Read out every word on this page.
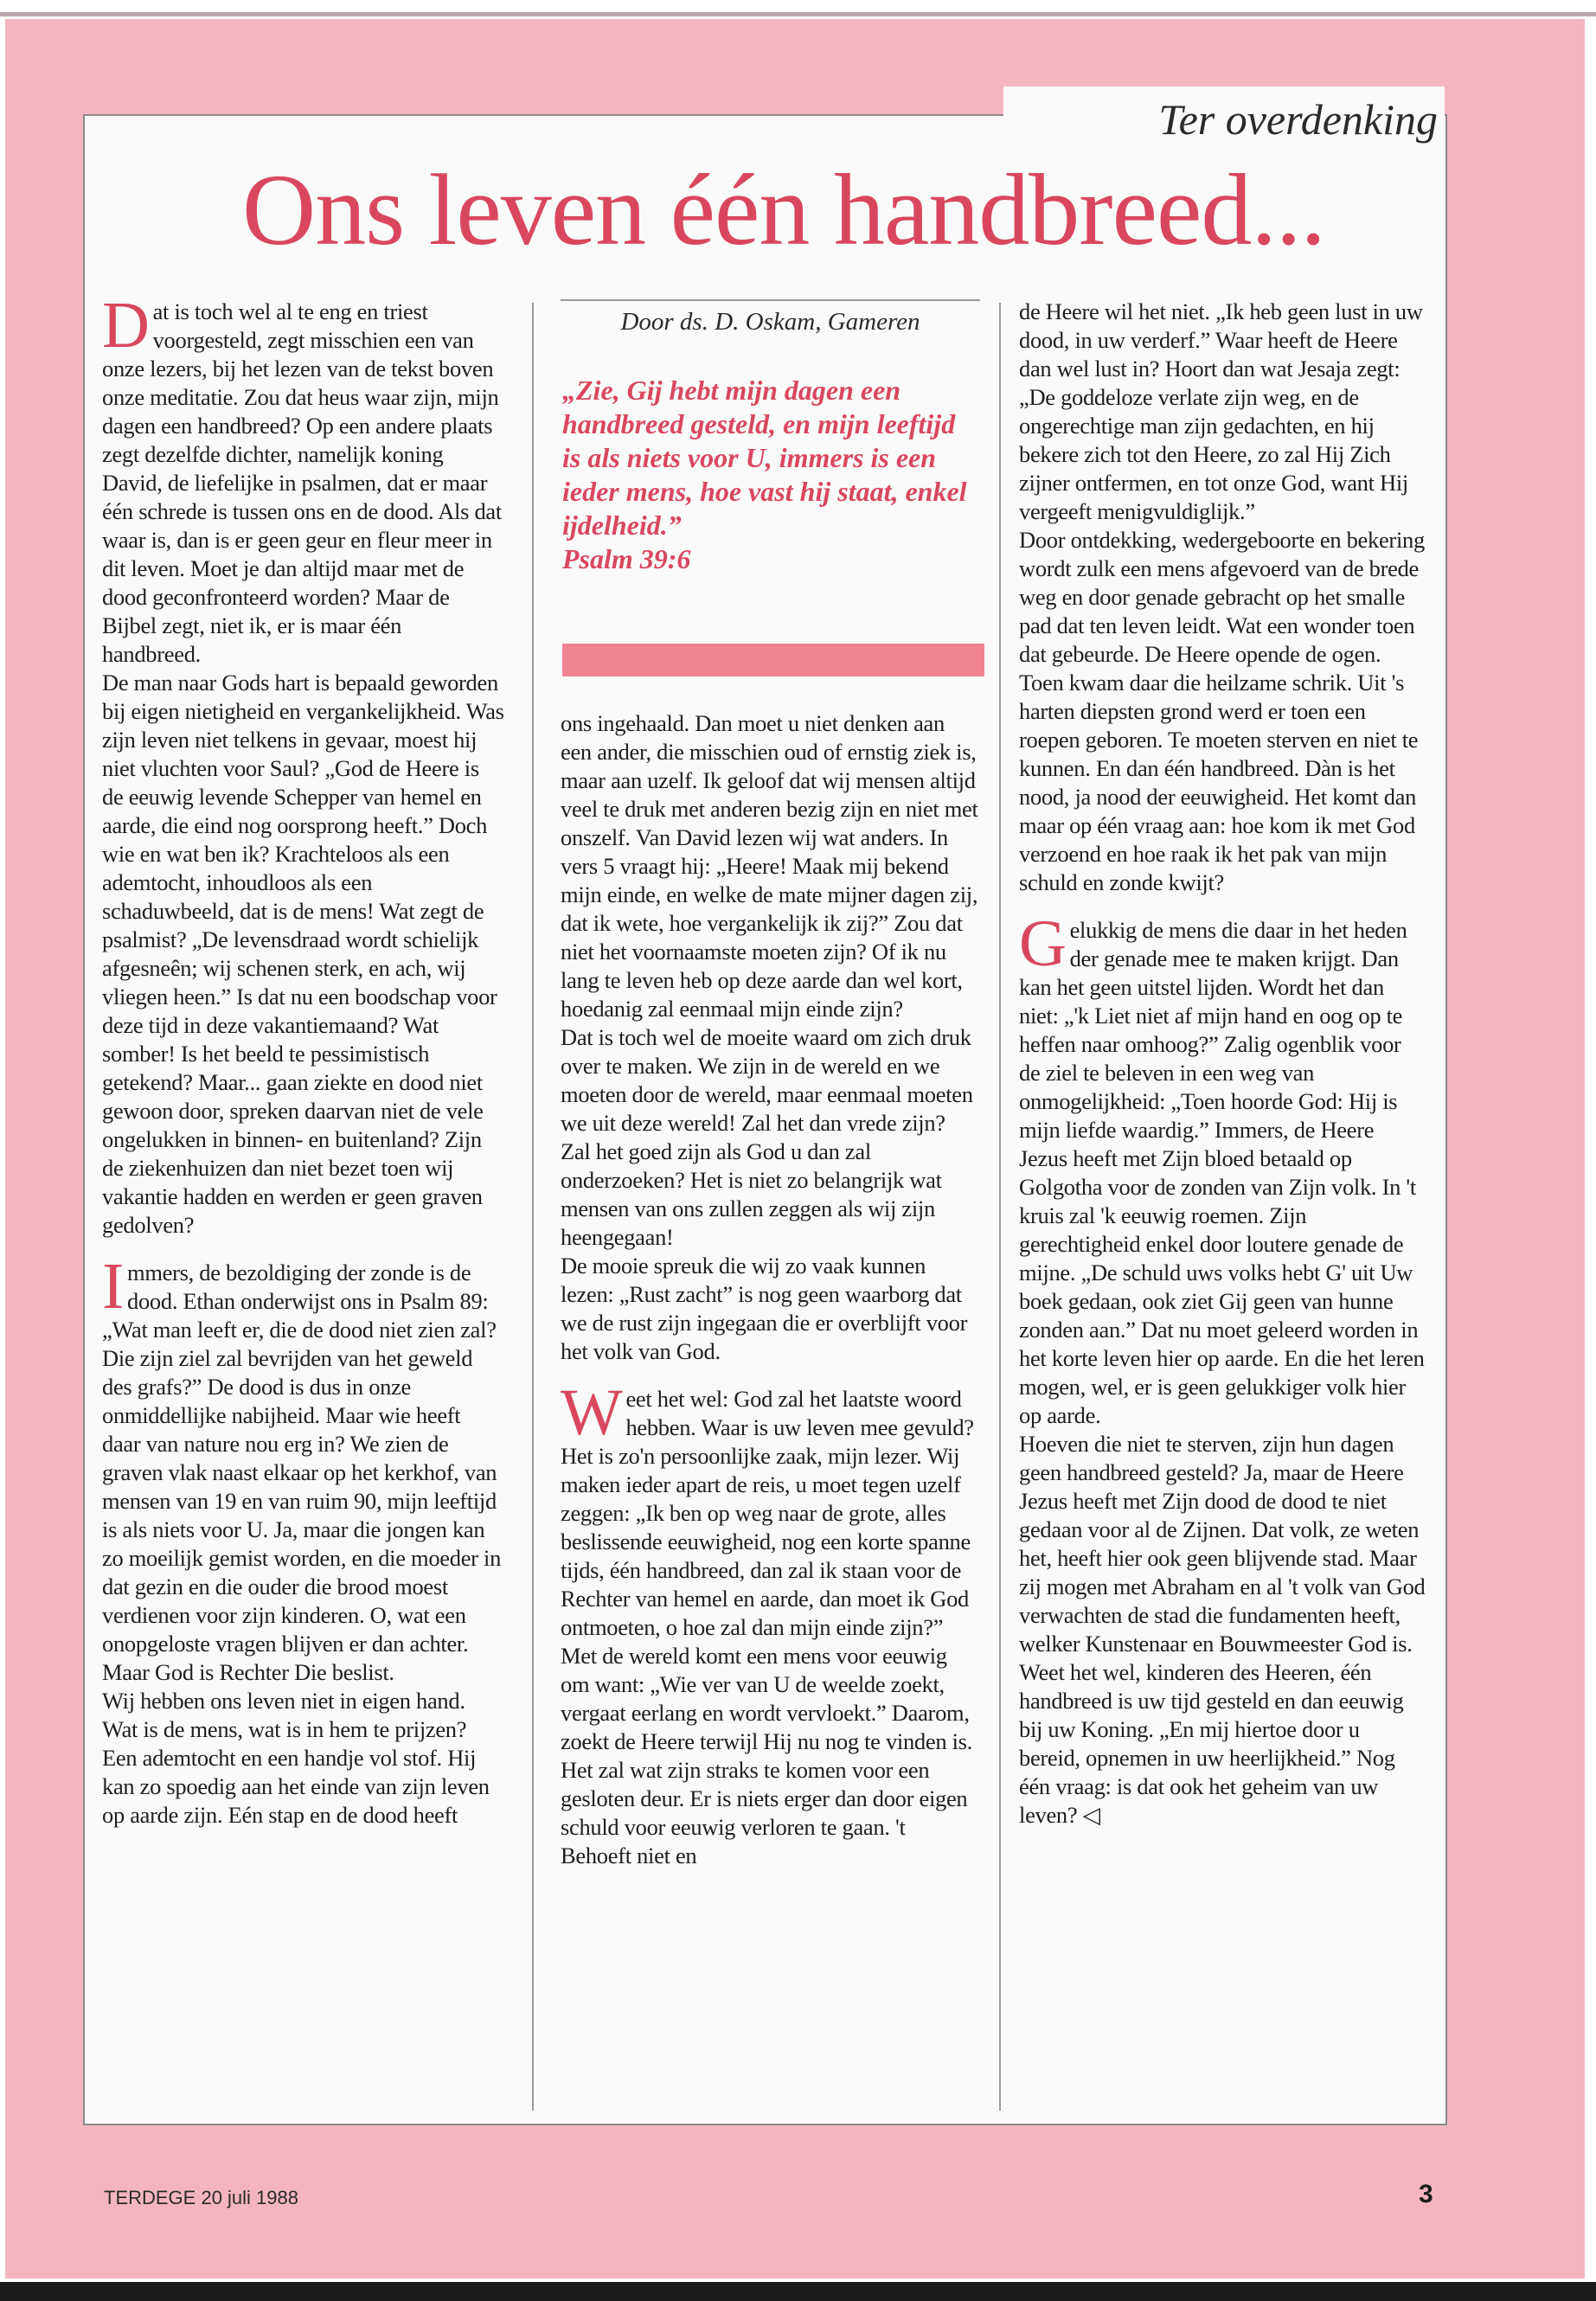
Ter overdenking
Ons leven één handbreed...
Door ds. D. Oskam, Gameren

„Zie, Gij hebt mijn dagen een handbreed gesteld, en mijn leeftijd is als niets voor U, immers is een ieder mens, hoe vast hij staat, enkel ijdelheid.”

Psalm 39:6

Dat is toch wel al te eng en triest voorgesteld, zegt misschien een van onze lezers, bij het lezen van de tekst boven onze meditatie. Zou dat heus waar zijn, mijn dagen een handbreed? Op een andere plaats zegt dezelfde dichter, namelijk koning David, de liefelijke in psalmen, dat er maar één schrede is tussen ons en de dood. Als dat waar is, dan is er geen geur en fleur meer in dit leven. Moet je dan altijd maar met de dood geconfronteerd worden? Maar de Bijbel zegt, niet ik, er is maar één handbreed.

De man naar Gods hart is bepaald geworden bij eigen nietigheid en vergankelijkheid. Was zijn leven niet telkens in gevaar, moest hij niet vluchten voor Saul? „God de Heere is de eeuwig levende Schepper van hemel en aarde, die eind nog oorsprong heeft.” Doch wie en wat ben ik? Krachteloos als een ademtocht, inhoudloos als een schaduwbeeld, dat is de mens! Wat zegt de psalmist? „De levensdraad wordt schielijk afgesneên; wij schenen sterk, en ach, wij vliegen heen.” Is dat nu een boodschap voor deze tijd in deze vakantiemaand? Wat somber! Is het beeld te pessimistisch getekend? Maar... gaan ziekte en dood niet gewoon door, spreken daarvan niet de vele ongelukken in binnen- en buitenland? Zijn de ziekenhuizen dan niet bezet toen wij vakantie hadden en werden er geen graven gedolven?

Immers, de bezoldiging der zonde is de dood. Ethan onderwijst ons in Psalm 89: „Wat man leeft er, die de dood niet zien zal? Die zijn ziel zal bevrijden van het geweld des grafs?” De dood is dus in onze onmiddellijke nabijheid. Maar wie heeft daar van nature nou erg in? We zien de graven vlak naast elkaar op het kerkhof, van mensen van 19 en van ruim 90, mijn leeftijd is als niets voor U. Ja, maar die jongen kan zo moeilijk gemist worden, en die moeder in dat gezin en die ouder die brood moest verdienen voor zijn kinderen. O, wat een onopgeloste vragen blijven er dan achter. Maar God is Rechter Die beslist.

Wij hebben ons leven niet in eigen hand. Wat is de mens, wat is in hem te prijzen? Een ademtocht en een handje vol stof. Hij kan zo spoedig aan het einde van zijn leven op aarde zijn. Eén stap en de dood heeft

ons ingehaald. Dan moet u niet denken aan een ander, die misschien oud of ernstig ziek is, maar aan uzelf. Ik geloof dat wij mensen altijd veel te druk met anderen bezig zijn en niet met onszelf. Van David lezen wij wat anders. In vers 5 vraagt hij: „Heere! Maak mij bekend mijn einde, en welke de mate mijner dagen zij, dat ik wete, hoe vergankelijk ik zij?” Zou dat niet het voornaamste moeten zijn? Of ik nu lang te leven heb op deze aarde dan wel kort, hoedanig zal eenmaal mijn einde zijn?

Dat is toch wel de moeite waard om zich druk over te maken. We zijn in de wereld en we moeten door de wereld, maar eenmaal moeten we uit deze wereld! Zal het dan vrede zijn? Zal het goed zijn als God u dan zal onderzoeken? Het is niet zo belangrijk wat mensen van ons zullen zeggen als wij zijn heengegaan!

De mooie spreuk die wij zo vaak kunnen lezen: „Rust zacht” is nog geen waarborg dat we de rust zijn ingegaan die er overblijft voor het volk van God.

Weet het wel: God zal het laatste woord hebben. Waar is uw leven mee gevuld? Het is zo'n persoonlijke zaak, mijn lezer. Wij maken ieder apart de reis, u moet tegen uzelf zeggen: „Ik ben op weg naar de grote, alles beslissende eeuwigheid, nog een korte spanne tijds, één handbreed, dan zal ik staan voor de Rechter van hemel en aarde, dan moet ik God ontmoeten, o hoe zal dan mijn einde zijn?”

Met de wereld komt een mens voor eeuwig om want: „Wie ver van U de weelde zoekt, vergaat eerlang en wordt vervloekt.” Daarom, zoekt de Heere terwijl Hij nu nog te vinden is. Het zal wat zijn straks te komen voor een gesloten deur. Er is niets erger dan door eigen schuld voor eeuwig verloren te gaan. 't Behoeft niet en

de Heere wil het niet. „Ik heb geen lust in uw dood, in uw verderf.” Waar heeft de Heere dan wel lust in? Hoort dan wat Jesaja zegt: „De goddeloze verlate zijn weg, en de ongerechtige man zijn gedachten, en hij bekere zich tot den Heere, zo zal Hij Zich zijner ontfermen, en tot onze God, want Hij vergeeft menigvuldiglijk.”

Door ontdekking, wedergeboorte en bekering wordt zulk een mens afgevoerd van de brede weg en door genade gebracht op het smalle pad dat ten leven leidt. Wat een wonder toen dat gebeurde. De Heere opende de ogen. Toen kwam daar die heilzame schrik. Uit 's harten diepsten grond werd er toen een roepen geboren. Te moeten sterven en niet te kunnen. En dan één handbreed. Dàn is het nood, ja nood der eeuwigheid. Het komt dan maar op één vraag aan: hoe kom ik met God verzoend en hoe raak ik het pak van mijn schuld en zonde kwijt?

Gelukkig de mens die daar in het heden der genade mee te maken krijgt. Dan kan het geen uitstel lijden. Wordt het dan niet: „'k Liet niet af mijn hand en oog op te heffen naar omhoog?” Zalig ogenblik voor de ziel te beleven in een weg van onmogelijkheid: „Toen hoorde God: Hij is mijn liefde waardig.” Immers, de Heere Jezus heeft met Zijn bloed betaald op Golgotha voor de zonden van Zijn volk. In 't kruis zal 'k eeuwig roemen. Zijn gerechtigheid enkel door loutere genade de mijne. „De schuld uws volks hebt G' uit Uw boek gedaan, ook ziet Gij geen van hunne zonden aan.” Dat nu moet geleerd worden in het korte leven hier op aarde. En die het leren mogen, wel, er is geen gelukkiger volk hier op aarde.

Hoeven die niet te sterven, zijn hun dagen geen handbreed gesteld? Ja, maar de Heere Jezus heeft met Zijn dood de dood te niet gedaan voor al de Zijnen. Dat volk, ze weten het, heeft hier ook geen blijvende stad. Maar zij mogen met Abraham en al 't volk van God verwachten de stad die fundamenten heeft, welker Kunstenaar en Bouwmeester God is.

Weet het wel, kinderen des Heeren, één handbreed is uw tijd gesteld en dan eeuwig bij uw Koning. „En mij hiertoe door u bereid, opnemen in uw heerlijkheid.” Nog één vraag: is dat ook het geheim van uw leven? ◁

TERDEGE 20 juli 1988	3
